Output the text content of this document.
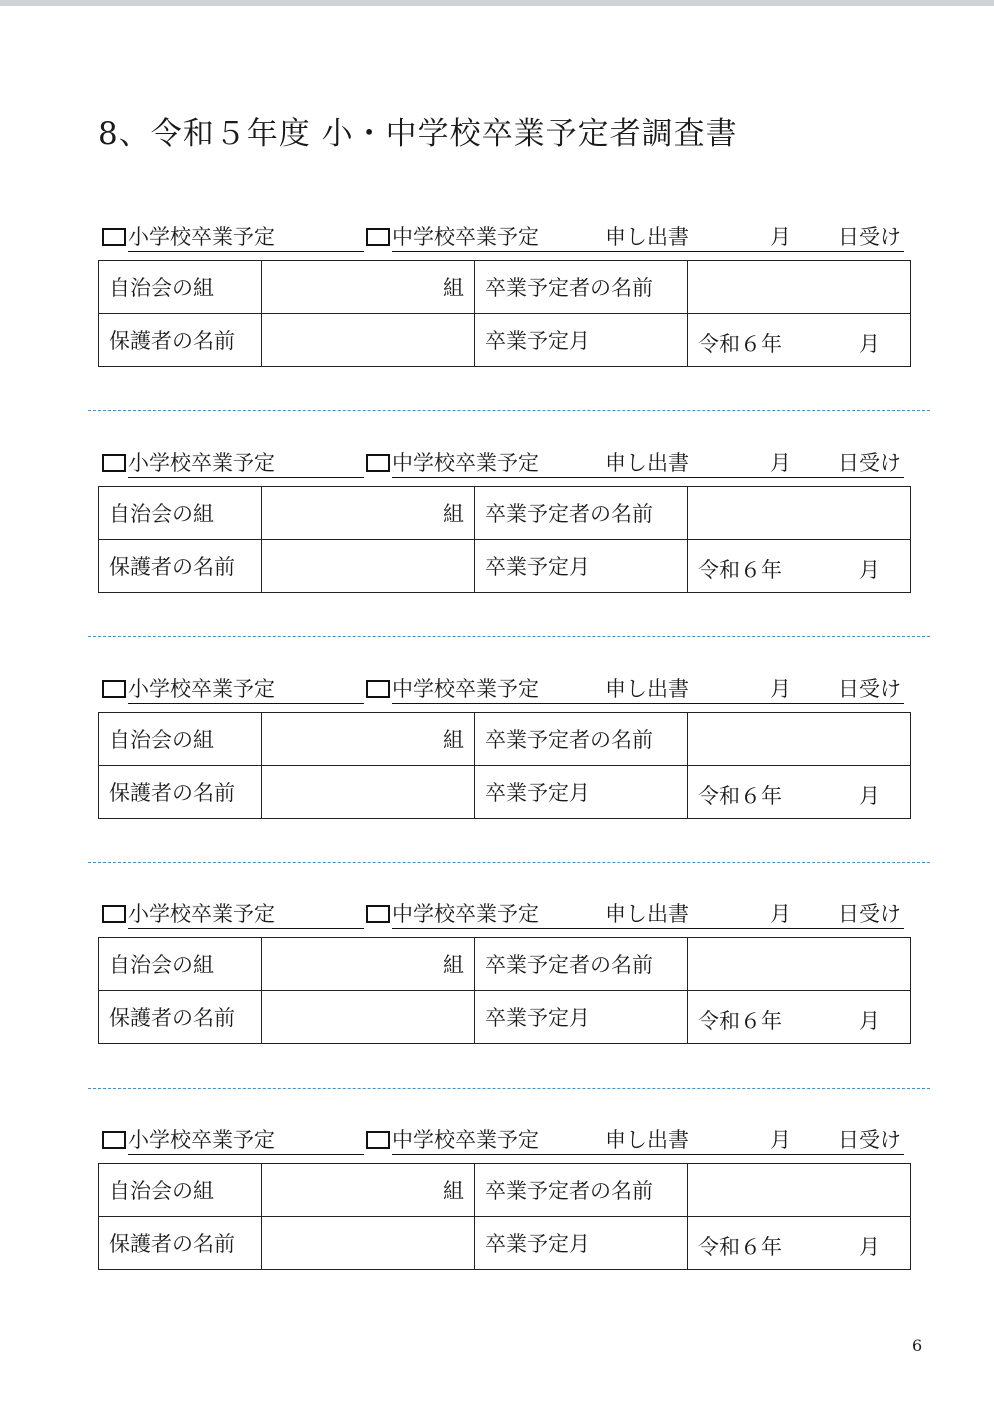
8、令和５年度 小・中学校卒業予定者調査書
小学校卒業予定	中学校卒業予定	申し出書	月 日受け
自治会の組	組	卒業予定者の名前	
保護者の名前		卒業予定月	令和６年 月
小学校卒業予定	中学校卒業予定	申し出書	月 日受け
自治会の組	組	卒業予定者の名前	
保護者の名前		卒業予定月	令和６年 月
小学校卒業予定	中学校卒業予定	申し出書	月 日受け
自治会の組	組	卒業予定者の名前	
保護者の名前		卒業予定月	令和６年 月
小学校卒業予定	中学校卒業予定	申し出書	月 日受け
自治会の組	組	卒業予定者の名前	
保護者の名前		卒業予定月	令和６年 月
小学校卒業予定	中学校卒業予定	申し出書	月 日受け
自治会の組	組	卒業予定者の名前	
保護者の名前		卒業予定月	令和６年 月
6
